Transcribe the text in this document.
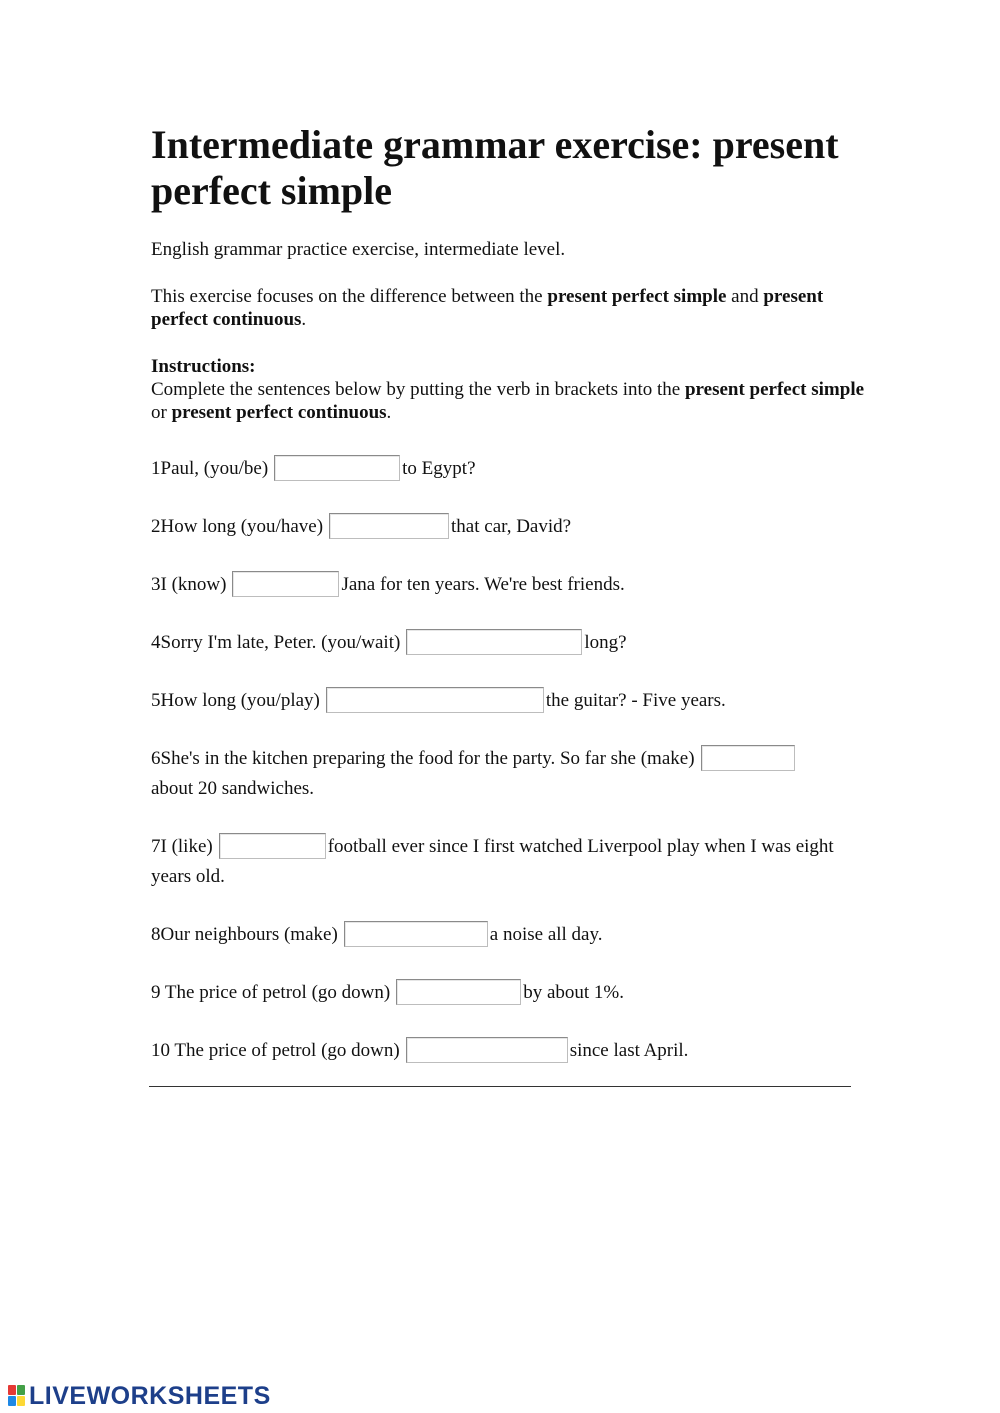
Intermediate grammar exercise: present perfect simple

English grammar practice exercise, intermediate level.

This exercise focuses on the difference between the present perfect simple and present perfect continuous.

Instructions:

Complete the sentences below by putting the verb in brackets into the present perfect simple or present perfect continuous.

1Paul, (you/be)	to Egypt?
2How long (you/have)	that car, David?
3I (know)	Jana for ten years. We're best friends.
4Sorry I'm late, Peter. (you/wait)	long?
5How long (you/play)	the guitar? - Five years.
6She's in the kitchen preparing the food for the party. So far she (make)
about 20 sandwiches.
7I (like)	football ever since I first watched Liverpool play when I was eight years old.
8Our neighbours (make)	a noise all day.
9 The price of petrol (go down)	by about 1%.
10 The price of petrol (go down)	since last April.
LIVEWORKSHEETS
